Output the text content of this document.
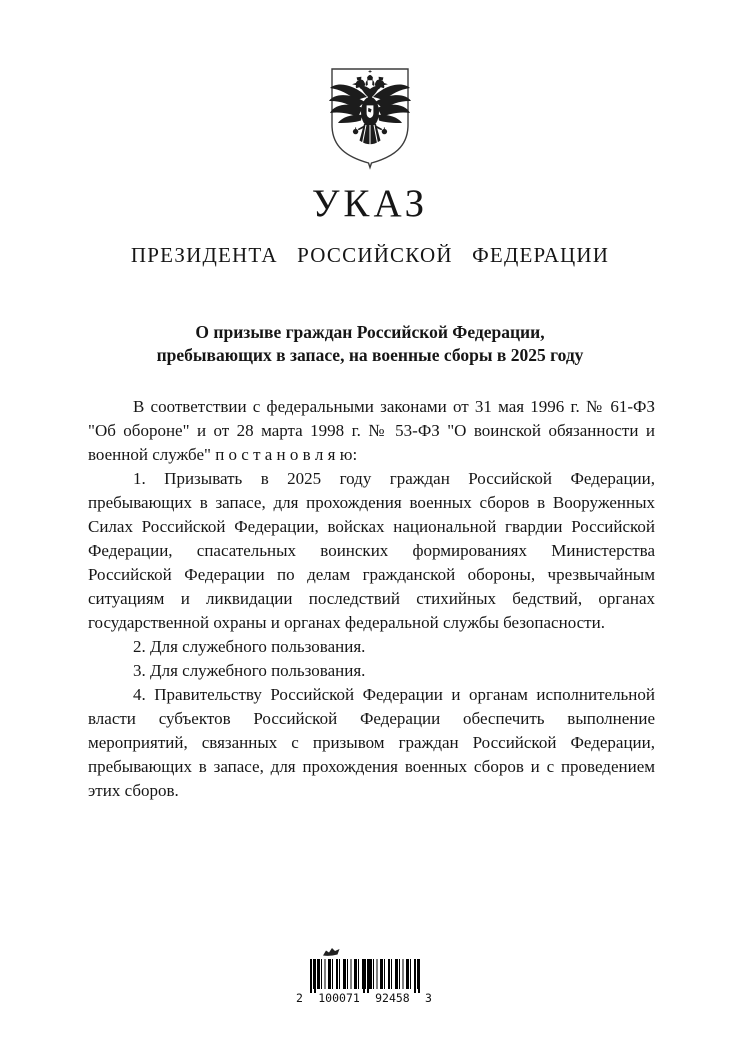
УКАЗ
ПРЕЗИДЕНТА РОССИЙСКОЙ ФЕДЕРАЦИИ
О призыве граждан Российской Федерации,
пребывающих в запасе, на военные сборы в 2025 году

В соответствии с федеральными законами от 31 мая 1996 г. № 61-ФЗ "Об обороне" и от 28 марта 1998 г. № 53-ФЗ "О воинской обязанности и военной службе" п о с т а н о в л я ю:

1. Призывать в 2025 году граждан Российской Федерации, пребывающих в запасе, для прохождения военных сборов в Вооруженных Силах Российской Федерации, войсках национальной гвардии Российской Федерации, спасательных воинских формированиях Министерства Российской Федерации по делам гражданской обороны, чрезвычайным ситуациям и ликвидации последствий стихийных бедствий, органах государственной охраны и органах федеральной службы безопасности.

2. Для служебного пользования.

3. Для служебного пользования.

4. Правительству Российской Федерации и органам исполнительной власти субъектов Российской Федерации обеспечить выполнение мероприятий, связанных с призывом граждан Российской Федерации, пребывающих в запасе, для прохождения военных сборов и с проведением этих сборов.

2 100071 92458 3
